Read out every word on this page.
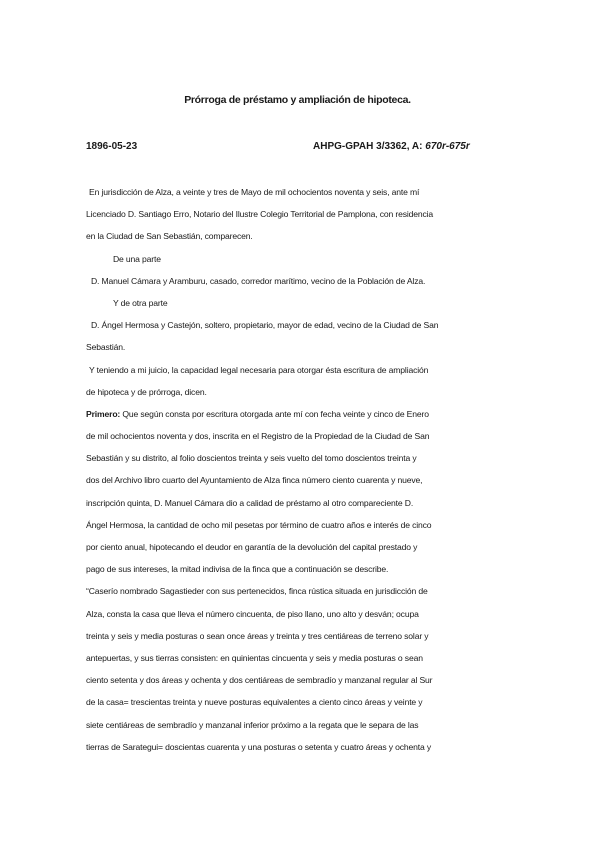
Prórroga de préstamo y ampliación de hipoteca.
1896-05-23	AHPG-GPAH 3/3362, A: 670r-675r
En jurisdicción de Alza, a veinte y tres de Mayo de mil ochocientos noventa y seis, ante mí
Licenciado D. Santiago Erro, Notario del Ilustre Colegio Territorial de Pamplona, con residencia
en la Ciudad de San Sebastián, comparecen.
De una parte
D. Manuel Cámara y Aramburu, casado, corredor marítimo, vecino de la Población de Alza.
Y de otra parte
D. Ángel Hermosa y Castejón, soltero, propietario, mayor de edad, vecino de la Ciudad de San
Sebastián.
Y teniendo a mi juicio, la capacidad legal necesaria para otorgar ésta escritura de ampliación
de hipoteca y de prórroga, dicen.
Primero: Que según consta por escritura otorgada ante mí con fecha veinte y cinco de Enero
de mil ochocientos noventa y dos, inscrita en el Registro de la Propiedad de la Ciudad de San
Sebastián y su distrito, al folio doscientos treinta y seis vuelto del tomo doscientos treinta y
dos del Archivo libro cuarto del Ayuntamiento de Alza finca número ciento cuarenta y nueve,
inscripción quinta, D. Manuel Cámara dio a calidad de préstamo al otro compareciente D.
Ángel Hermosa, la cantidad de ocho mil pesetas por término de cuatro años e interés de cinco
por ciento anual, hipotecando el deudor en garantía de la devolución del capital prestado y
pago de sus intereses, la mitad indivisa de la finca que a continuación se describe.
“Caserío nombrado Sagastieder con sus pertenecidos, finca rústica situada en jurisdicción de
Alza, consta la casa que lleva el número cincuenta, de piso llano, uno alto y desván; ocupa
treinta y seis y media posturas o sean once áreas y treinta y tres centiáreas de terreno solar y
antepuertas, y sus tierras consisten: en quinientas cincuenta y seis y media posturas o sean
ciento setenta y dos áreas y ochenta y dos centiáreas de sembradío y manzanal regular al Sur
de la casa= trescientas treinta y nueve posturas equivalentes a ciento cinco áreas y veinte y
siete centiáreas de sembradío y manzanal inferior próximo a la regata que le separa de las
tierras de Sarategui= doscientas cuarenta y una posturas o setenta y cuatro áreas y ochenta y
